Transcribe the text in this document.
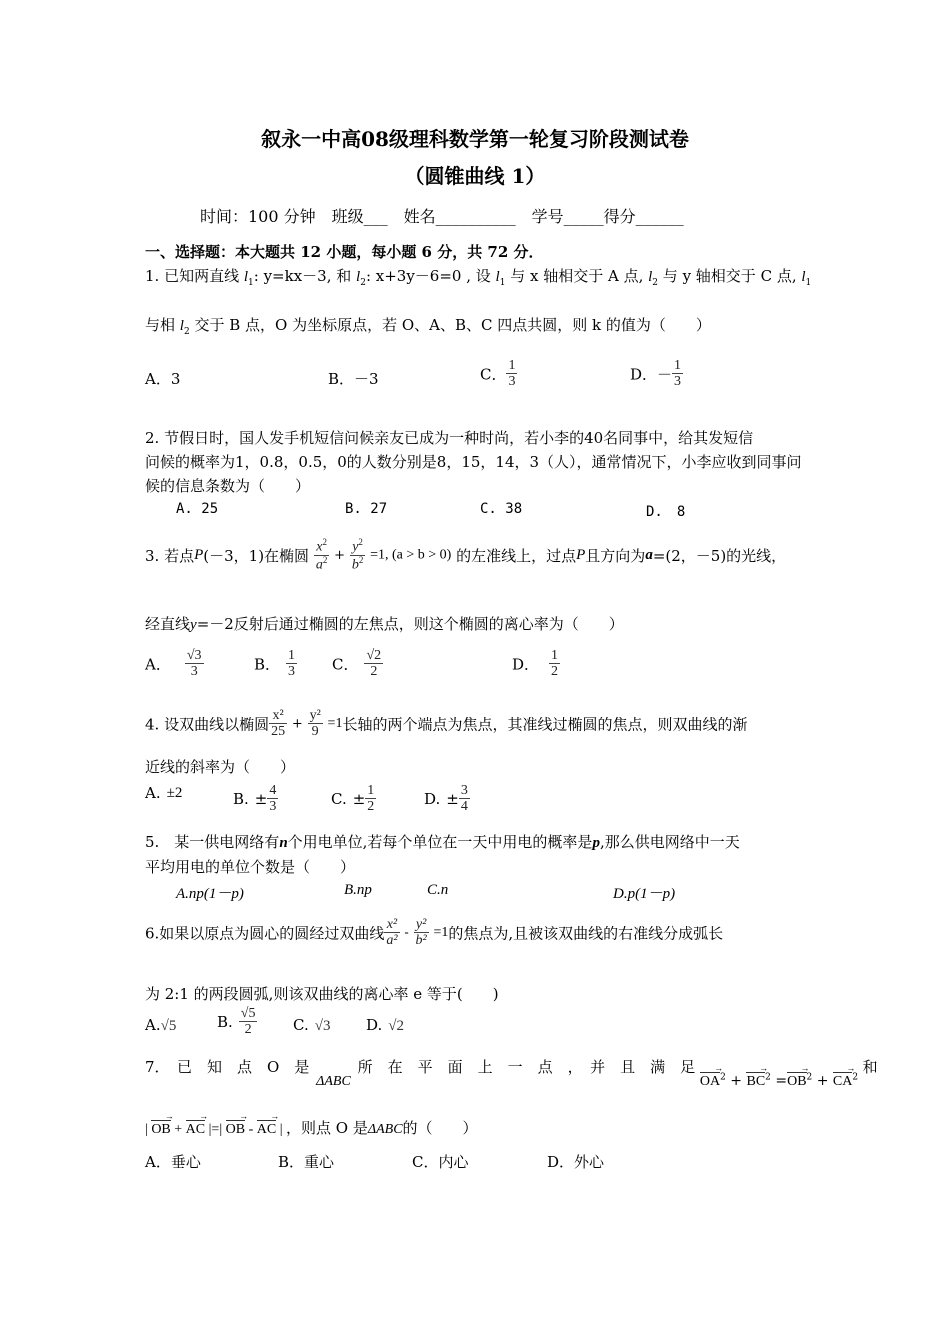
叙永一中高08级理科数学第一轮复习阶段测试卷
（圆锥曲线 1）
时间：100 分钟　班级___　姓名__________　学号_____得分______
一、选择题：本大题共 12 小题，每小题 6 分，共 72 分．
1. 已知两直线 $l_1$: y=kx－3, 和 $l_2$: x+3y－6=0 , 设 $l_1$ 与 x 轴相交于 A 点, $l_2$ 与 y 轴相交于 C 点, $l_1$
与相 $l_2$ 交于 B 点，O 为坐标原点，若 O、A、B、C 四点共圆，则 k 的值为（　　）
A．3	B．－3	C． $\frac{1}{3}$	D．－ $\frac{1}{3}$
2. 节假日时，国人发手机短信问候亲友已成为一种时尚，若小李的40名同事中，给其发短信
问候的概率为1，0.8，0.5，0的人数分别是8，15，14，3（人），通常情况下，小李应收到同事问
候的信息条数为（　　）
A. 25	B. 27	C. 38	D.　8
3. 若点P(－3，1)在椭圆 $\frac{x^2}{a^2} + \frac{y^2}{b^2} =1$, (a > b > 0) 的左准线上，过点P且方向为a=(2，－5)的光线，
经直线y=－2反射后通过椭圆的左焦点，则这个椭圆的离心率为（　　）
A． $\frac{√3}{3}$	B． $\frac{1}{3}$ C． $\frac{√2}{2}$	D． $\frac{1}{2}$
4. 设双曲线以椭圆 $\frac{\text{x²}}{25} + \frac{\text{y²}}{9} =1$长轴的两个端点为焦点，其准线过椭圆的焦点，则双曲线的渐
近线的斜率为（　　）
A. ±2	B. ± $\frac{4}{3}$	C. ± $\frac{1}{2}$	D. ± $\frac{3}{4}$
5.　某一供电网络有n个用电单位,若每个单位在一天中用电的概率是p,那么供电网络中一天
平均用电的单位个数是（　　）
A.np(1－p)	B.np	C.n	D.p(1－p)
6.如果以原点为圆心的圆经过双曲线 $\frac{\text{x²}}{\text{a²}} - \frac{\text{y²}}{\text{b²}} =1$的焦点为,且被该双曲线的右准线分成弧长
为 2:1 的两段圆弧,则该双曲线的离心率 e 等于(　　)
A.√5	B. $\frac{√5}{2} C$. √3 D. √2
7．　已　知　点　O　是 ΔABC 所　在　平　面　上　一　点　，　并　且　满　足 OA →$^2$ + BC →$^2$ =OB →$^2$ + CA →$^2$ 和
| OB → + AC → |=| OB → - AC → | ，则点 O 是ΔABC的（　　）
A．垂心	B．重心	C．内心	D．外心
